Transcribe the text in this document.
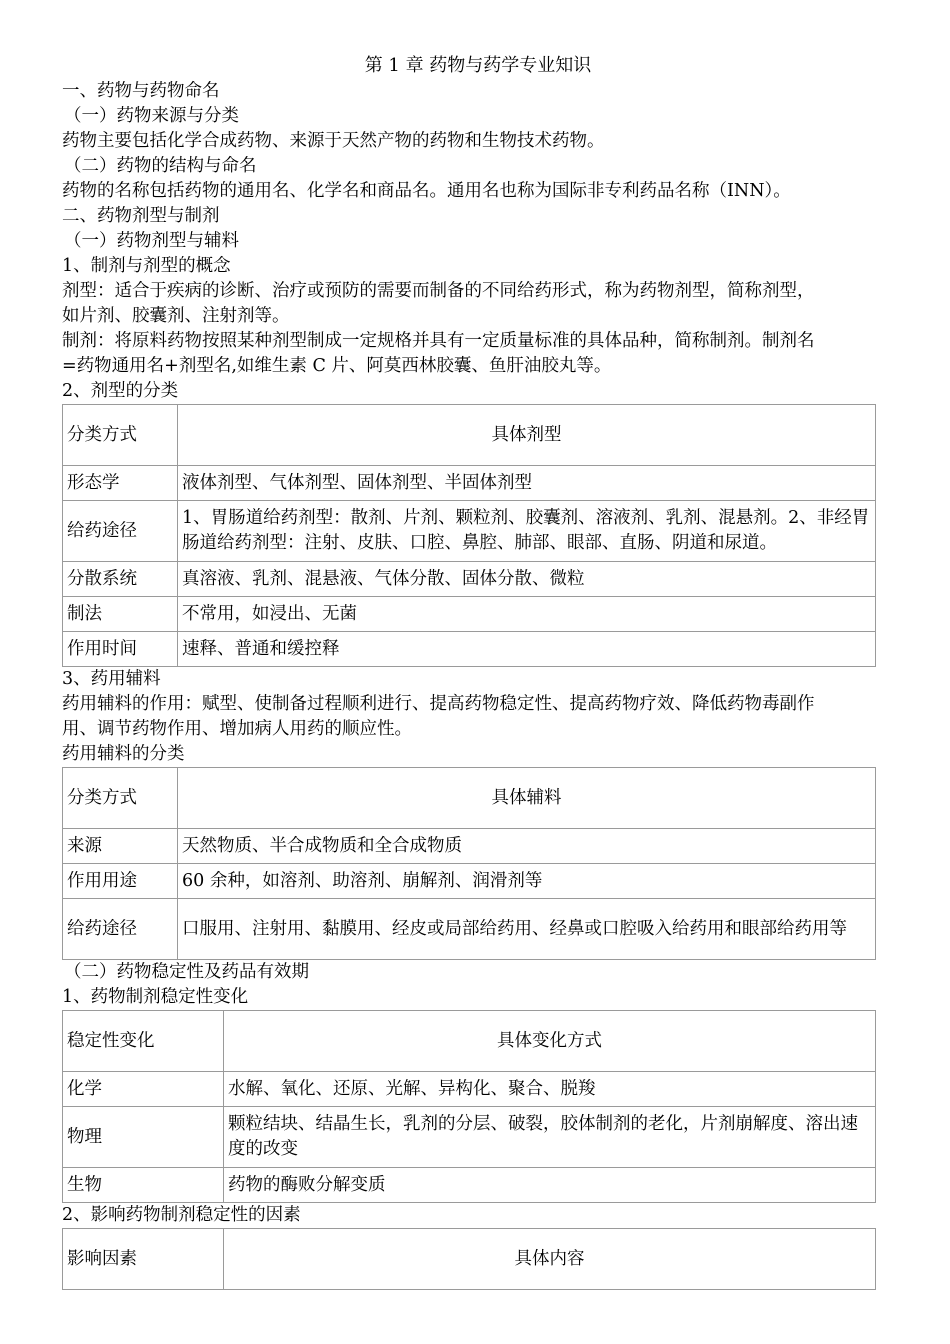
第 1 章 药物与药学专业知识
一、药物与药物命名
（一）药物来源与分类
药物主要包括化学合成药物、来源于天然产物的药物和生物技术药物。
（二）药物的结构与命名
药物的名称包括药物的通用名、化学名和商品名。通用名也称为国际非专利药品名称（INN）。
二、药物剂型与制剂
（一）药物剂型与辅料
1、制剂与剂型的概念
剂型：适合于疾病的诊断、治疗或预防的需要而制备的不同给药形式，称为药物剂型，简称剂型，
如片剂、胶囊剂、注射剂等。
制剂：将原料药物按照某种剂型制成一定规格并具有一定质量标准的具体品种，简称制剂。制剂名
=药物通用名+剂型名,如维生素 C 片、阿莫西林胶囊、鱼肝油胶丸等。
2、剂型的分类
分类方式	具体剂型
形态学	液体剂型、气体剂型、固体剂型、半固体剂型
给药途径	1、胃肠道给药剂型：散剂、片剂、颗粒剂、胶囊剂、溶液剂、乳剂、混悬剂。2、非经胃肠道给药剂型：注射、皮肤、口腔、鼻腔、肺部、眼部、直肠、阴道和尿道。
分散系统	真溶液、乳剂、混悬液、气体分散、固体分散、微粒
制法	不常用，如浸出、无菌
作用时间	速释、普通和缓控释
3、药用辅料
药用辅料的作用：赋型、使制备过程顺利进行、提高药物稳定性、提高药物疗效、降低药物毒副作
用、调节药物作用、增加病人用药的顺应性。
药用辅料的分类
分类方式	具体辅料
来源	天然物质、半合成物质和全合成物质
作用用途	60 余种，如溶剂、助溶剂、崩解剂、润滑剂等
给药途径	口服用、注射用、黏膜用、经皮或局部给药用、经鼻或口腔吸入给药用和眼部给药用等
（二）药物稳定性及药品有效期
1、药物制剂稳定性变化
稳定性变化	具体变化方式
化学	水解、氧化、还原、光解、异构化、聚合、脱羧
物理	颗粒结块、结晶生长，乳剂的分层、破裂，胶体制剂的老化，片剂崩解度、溶出速度的改变
生物	药物的酶败分解变质
2、影响药物制剂稳定性的因素
影响因素	具体内容
